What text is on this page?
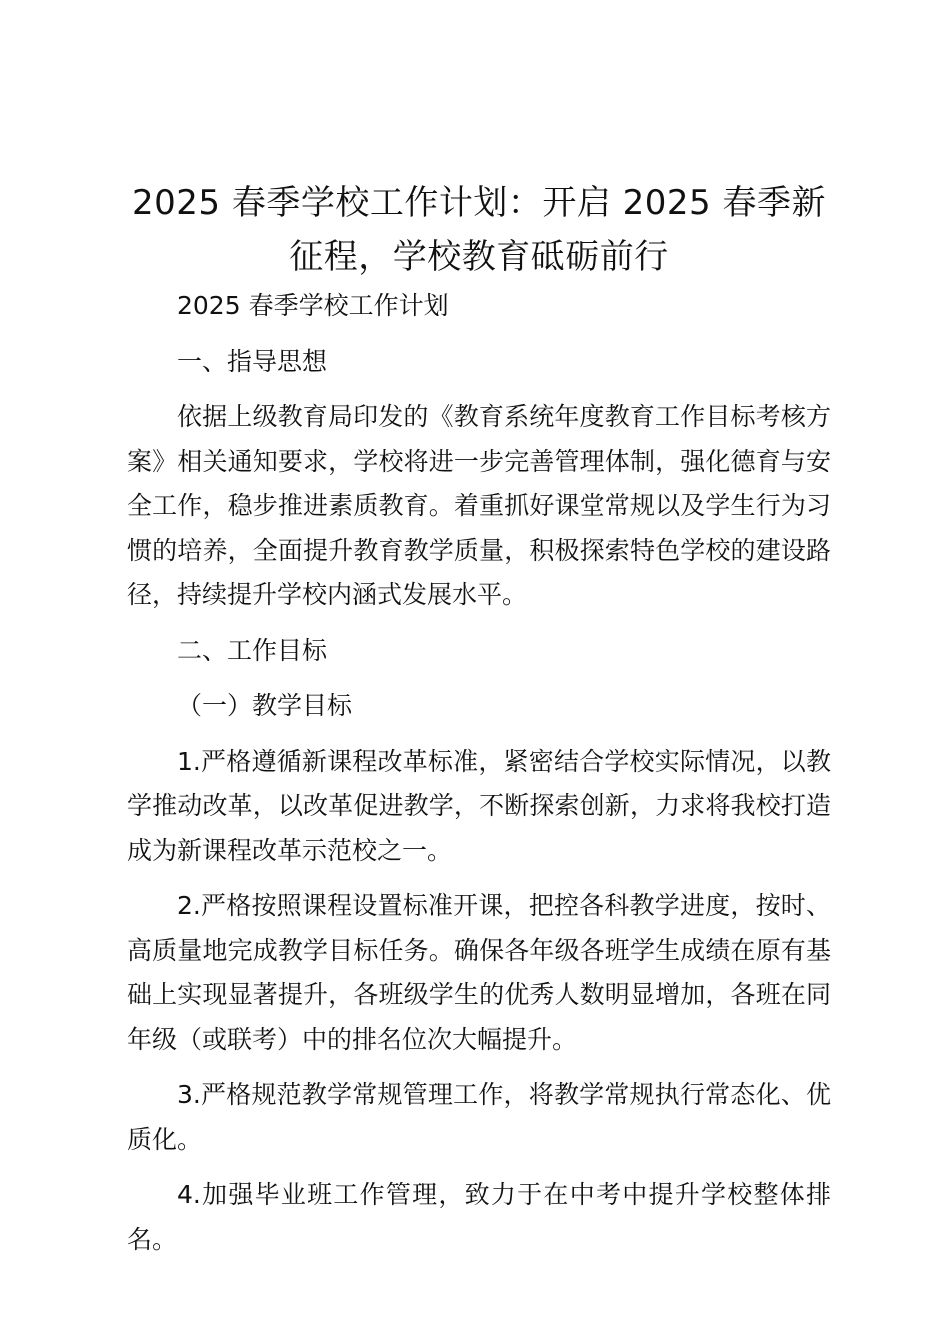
2025 春季学校工作计划：开启 2025 春季新征程，学校教育砥砺前行

2025 春季学校工作计划

一、指导思想

依据上级教育局印发的《教育系统年度教育工作目标考核方案》相关通知要求，学校将进一步完善管理体制，强化德育与安全工作，稳步推进素质教育。着重抓好课堂常规以及学生行为习惯的培养，全面提升教育教学质量，积极探索特色学校的建设路径，持续提升学校内涵式发展水平。

二、工作目标

（一）教学目标

1.严格遵循新课程改革标准，紧密结合学校实际情况，以教学推动改革，以改革促进教学，不断探索创新，力求将我校打造成为新课程改革示范校之一。

2.严格按照课程设置标准开课，把控各科教学进度，按时、高质量地完成教学目标任务。确保各年级各班学生成绩在原有基础上实现显著提升，各班级学生的优秀人数明显增加，各班在同年级（或联考）中的排名位次大幅提升。

3.严格规范教学常规管理工作，将教学常规执行常态化、优质化。

4.加强毕业班工作管理，致力于在中考中提升学校整体排名。
